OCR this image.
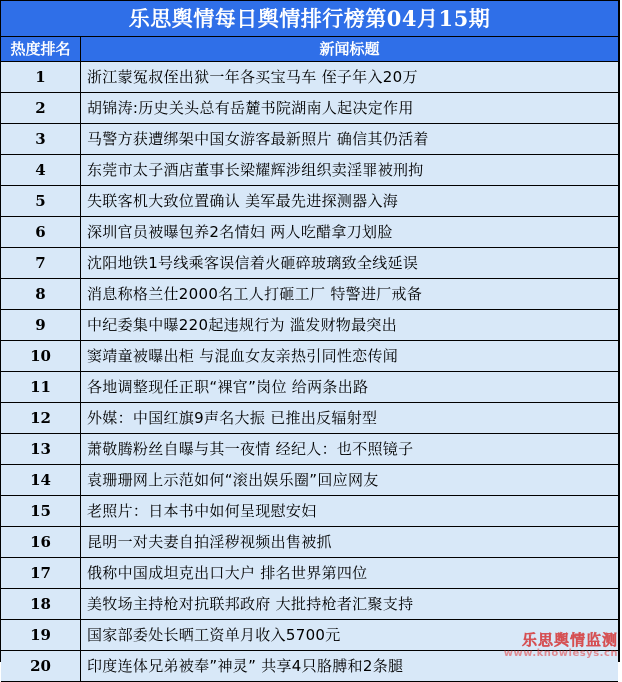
乐思舆情每日舆情排行榜第04月15期
热度排名	新闻标题
1	浙江蒙冤叔侄出狱一年各买宝马车 侄子年入20万
2	胡锦涛:历史关头总有岳麓书院湖南人起决定作用
3	马警方获遭绑架中国女游客最新照片 确信其仍活着
4	东莞市太子酒店董事长梁耀辉涉组织卖淫罪被刑拘
5	失联客机大致位置确认 美军最先进探测器入海
6	深圳官员被曝包养2名情妇 两人吃醋拿刀划脸
7	沈阳地铁1号线乘客误信着火砸碎玻璃致全线延误
8	消息称格兰仕2000名工人打砸工厂 特警进厂戒备
9	中纪委集中曝220起违规行为 滥发财物最突出
10	窦靖童被曝出柜 与混血女友亲热引同性恋传闻
11	各地调整现任正职“裸官”岗位 给两条出路
12	外媒：中国红旗9声名大振 已推出反辐射型
13	萧敬腾粉丝自曝与其一夜情 经纪人：也不照镜子
14	袁珊珊网上示范如何“滚出娱乐圈”回应网友
15	老照片：日本书中如何呈现慰安妇
16	昆明一对夫妻自拍淫秽视频出售被抓
17	俄称中国成坦克出口大户 排名世界第四位
18	美牧场主持枪对抗联邦政府 大批持枪者汇聚支持
19	国家部委处长晒工资单月收入5700元
20	印度连体兄弟被奉”神灵” 共享4只胳膊和2条腿
乐思舆情监测
www.knowlesys.cn
